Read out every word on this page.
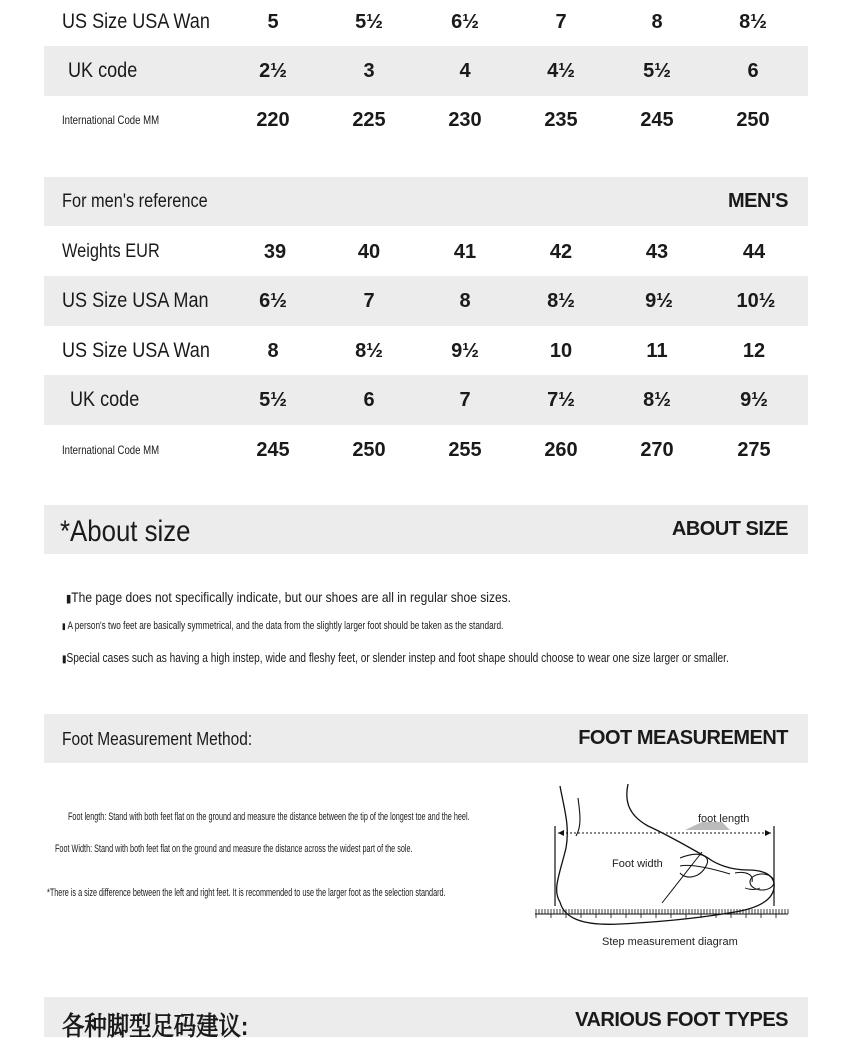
US Size USA Wan	5	5½	6½	7	8	8½
UK code	2½	3	4	4½	5½	6
International Code MM	220	225	230	235	245	250
For men's reference	MEN'S
Weights EUR	39	40	41	42	43	44
US Size USA Man	6½	7	8	8½	9½	10½
US Size USA Wan	8	8½	9½	10	11	12
UK code	5½	6	7	7½	8½	9½
International Code MM	245	250	255	260	270	275
*About size	ABOUT SIZE
▮The page does not specifically indicate, but our shoes are all in regular shoe sizes.
▮ A person's two feet are basically symmetrical, and the data from the slightly larger foot should be taken as the standard.
▮Special cases such as having a high instep, wide and fleshy feet, or slender instep and foot shape should choose to wear one size larger or smaller.
Foot Measurement Method:	FOOT MEASUREMENT
Foot length: Stand with both feet flat on the ground and measure the distance between the tip of the longest toe and the heel.
Foot Width: Stand with both feet flat on the ground and measure the distance across the widest part of the sole.
*There is a size difference between the left and right feet. It is recommended to use the larger foot as the selection standard.
foot length
Foot width
Step measurement diagram
各种脚型足码建议:	VARIOUS FOOT TYPES
